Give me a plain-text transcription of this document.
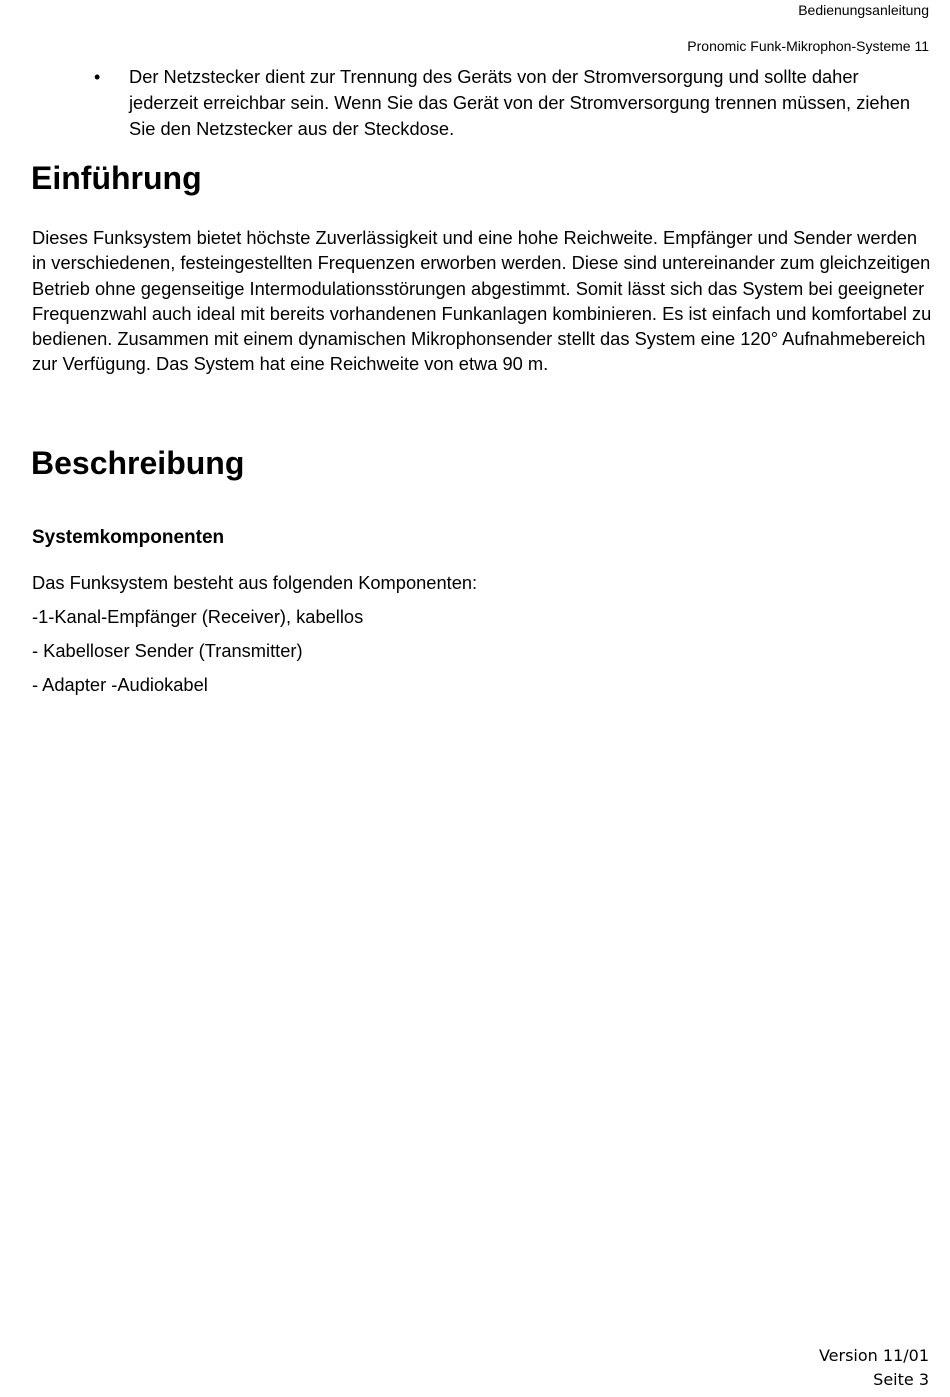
Bedienungsanleitung
Pronomic Funk-Mikrophon-Systeme 11
• Der Netzstecker dient zur Trennung des Geräts von der Stromversorgung und sollte daher jederzeit erreichbar sein. Wenn Sie das Gerät von der Stromversorgung trennen müssen, ziehen Sie den Netzstecker aus der Steckdose.
Einführung

Dieses Funksystem bietet höchste Zuverlässigkeit und eine hohe Reichweite. Empfänger und Sender werden in verschiedenen, festeingestellten Frequenzen erworben werden. Diese sind untereinander zum gleichzeitigen Betrieb ohne gegenseitige Intermodulationsstörungen abgestimmt. Somit lässt sich das System bei geeigneter Frequenzwahl auch ideal mit bereits vorhandenen Funkanlagen kombinieren. Es ist einfach und komfortabel zu bedienen. Zusammen mit einem dynamischen Mikrophonsender stellt das System eine 120° Aufnahmebereich zur Verfügung. Das System hat eine Reichweite von etwa 90 m.

Beschreibung
Systemkomponenten
Das Funksystem besteht aus folgenden Komponenten:
-1-Kanal-Empfänger (Receiver), kabellos
- Kabelloser Sender (Transmitter)
- Adapter -Audiokabel
Version 11/01
Seite 3
